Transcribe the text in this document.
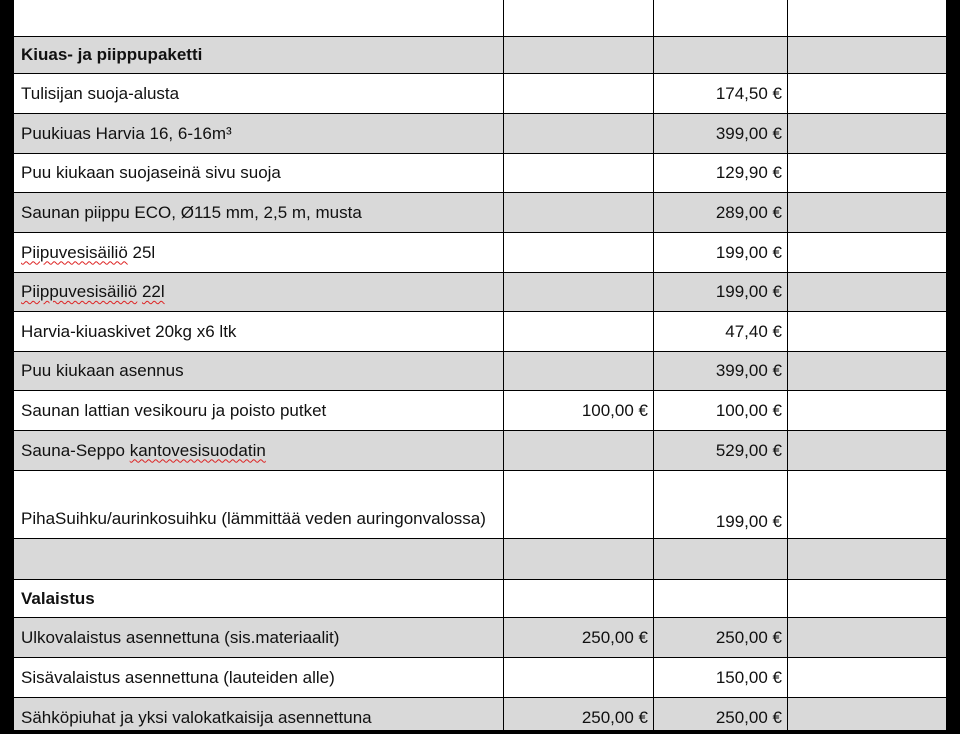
Kiuas- ja piippupaketti			
Tulisijan suoja-alusta		174,50 €	
Puukiuas Harvia 16, 6-16m³		399,00 €	
Puu kiukaan suojaseinä sivu suoja		129,90 €	
Saunan piippu ECO, Ø115 mm, 2,5 m, musta		289,00 €	
Piipuvesisäiliö 25l		199,00 €	
Piippuvesisäiliö 22l		199,00 €	
Harvia-kiuaskivet 20kg x6 ltk		47,40 €	
Puu kiukaan asennus		399,00 €	
Saunan lattian vesikouru ja poisto putket	100,00 €	100,00 €	
Sauna-Seppo kantovesisuodatin		529,00 €	
PihaSuihku/aurinkosuihku (lämmittää veden auringonvalossa)		199,00 €	

Valaistus			
Ulkovalaistus asennettuna (sis.materiaalit)	250,00 €	250,00 €	
Sisävalaistus asennettuna (lauteiden alle)		150,00 €	
Sähköpiuhat ja yksi valokatkaisija asennettuna	250,00 €	250,00 €	
